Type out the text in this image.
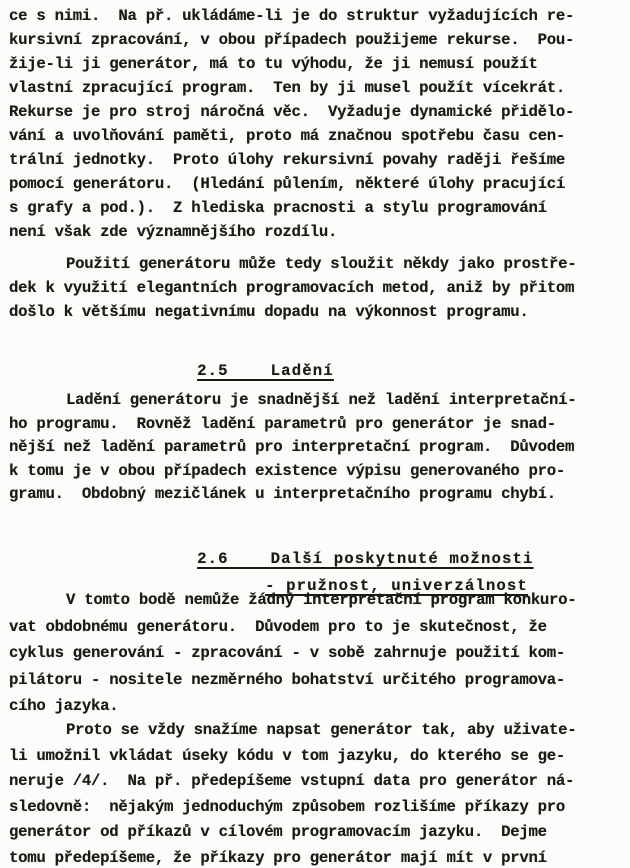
ce s nimi.  Na př. ukládáme-li je do struktur vyžadujících re-
kursivní zpracování, v obou případech použijeme rekurse.  Pou-
žije-li ji generátor, má to tu výhodu, že ji nemusí použít
vlastní zpracující program.  Ten by ji musel použít vícekrát.
Rekurse je pro stroj náročná věc.  Vyžaduje dynamické přidělo-
vání a uvolňování paměti, proto má značnou spotřebu času cen-
trální jednotky.  Proto úlohy rekursivní povahy raději řešíme
pomocí generátoru.  (Hledání půlením, některé úlohy pracující
s grafy a pod.).  Z hlediska pracnosti a stylu programování
není však zde významnějšího rozdílu.
Použití generátoru může tedy sloužit někdy jako prostře-
dek k využití elegantních programovacích metod, aniž by přitom
došlo k většímu negativnímu dopadu na výkonnost programu.

2.5    Ladění

Ladění generátoru je snadnější než ladění interpretační-
ho programu.  Rovněž ladění parametrů pro generátor je snad-
nější než ladění parametrů pro interpretační program.  Důvodem
k tomu je v obou případech existence výpisu generovaného pro-
gramu.  Obdobný mezičlánek u interpretačního programu chybí.

2.6    Další poskytnuté možnosti

- pružnost, univerzálnost

V tomto bodě nemůže žádný interpretační program konkuro-
vat obdobnému generátoru.  Důvodem pro to je skutečnost, že
cyklus generování - zpracování - v sobě zahrnuje použití kom-
pilátoru - nositele nezměrného bohatství určitého programova-
cího jazyka.
Proto se vždy snažíme napsat generátor tak, aby uživate-
li umožnil vkládat úseky kódu v tom jazyku, do kterého se ge-
neruje /4/.  Na př. předepíšeme vstupní data pro generátor ná-
sledovně:  nějakým jednoduchým způsobem rozlišíme příkazy pro
generátor od příkazů v cílovém programovacím jazyku.  Dejme
tomu předepíšeme, že příkazy pro generátor mají mít v první
